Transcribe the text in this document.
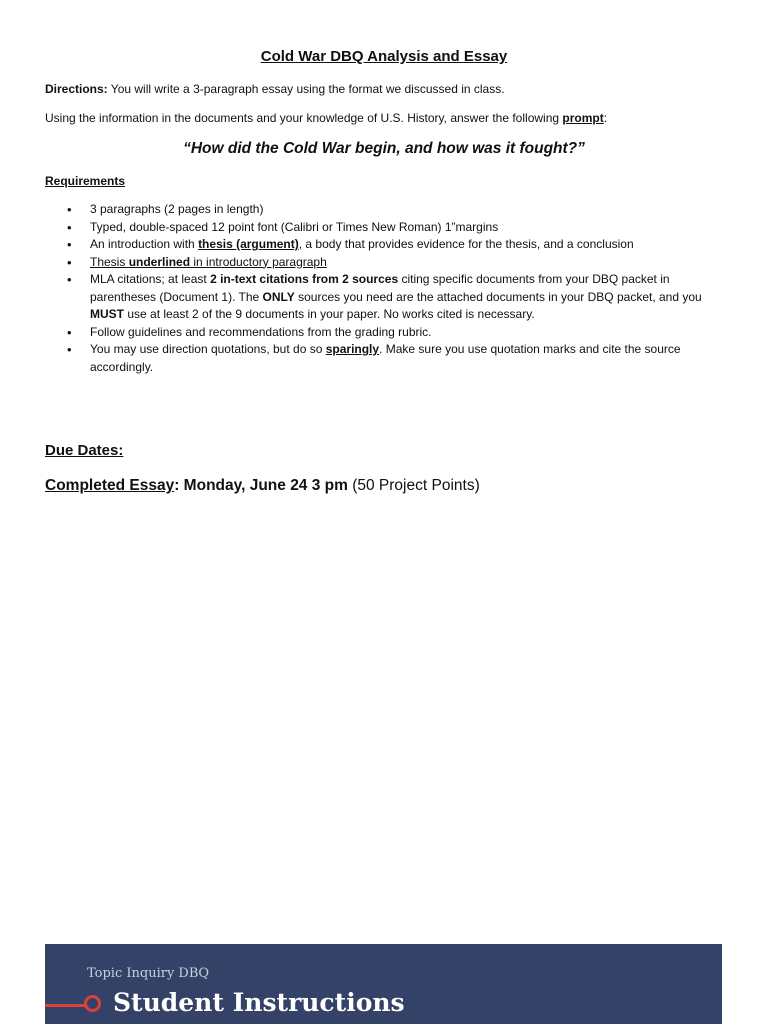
Cold War DBQ Analysis and Essay
Directions: You will write a 3-paragraph essay using the format we discussed in class.
Using the information in the documents and your knowledge of U.S. History, answer the following prompt:
“How did the Cold War begin, and how was it fought?”
Requirements
• 3 paragraphs (2 pages in length)
• Typed, double-spaced 12 point font (Calibri or Times New Roman) 1”margins
• An introduction with thesis (argument), a body that provides evidence for the thesis, and a conclusion
• Thesis underlined in introductory paragraph
• MLA citations; at least 2 in-text citations from 2 sources citing specific documents from your DBQ packet in parentheses (Document 1). The ONLY sources you need are the attached documents in your DBQ packet, and you MUST use at least 2 of the 9 documents in your paper. No works cited is necessary.
• Follow guidelines and recommendations from the grading rubric.
• You may use direction quotations, but do so sparingly. Make sure you use quotation marks and cite the source accordingly.
Due Dates:
Completed Essay: Monday, June 24 3 pm (50 Project Points)
Topic Inquiry DBQ
Student Instructions
